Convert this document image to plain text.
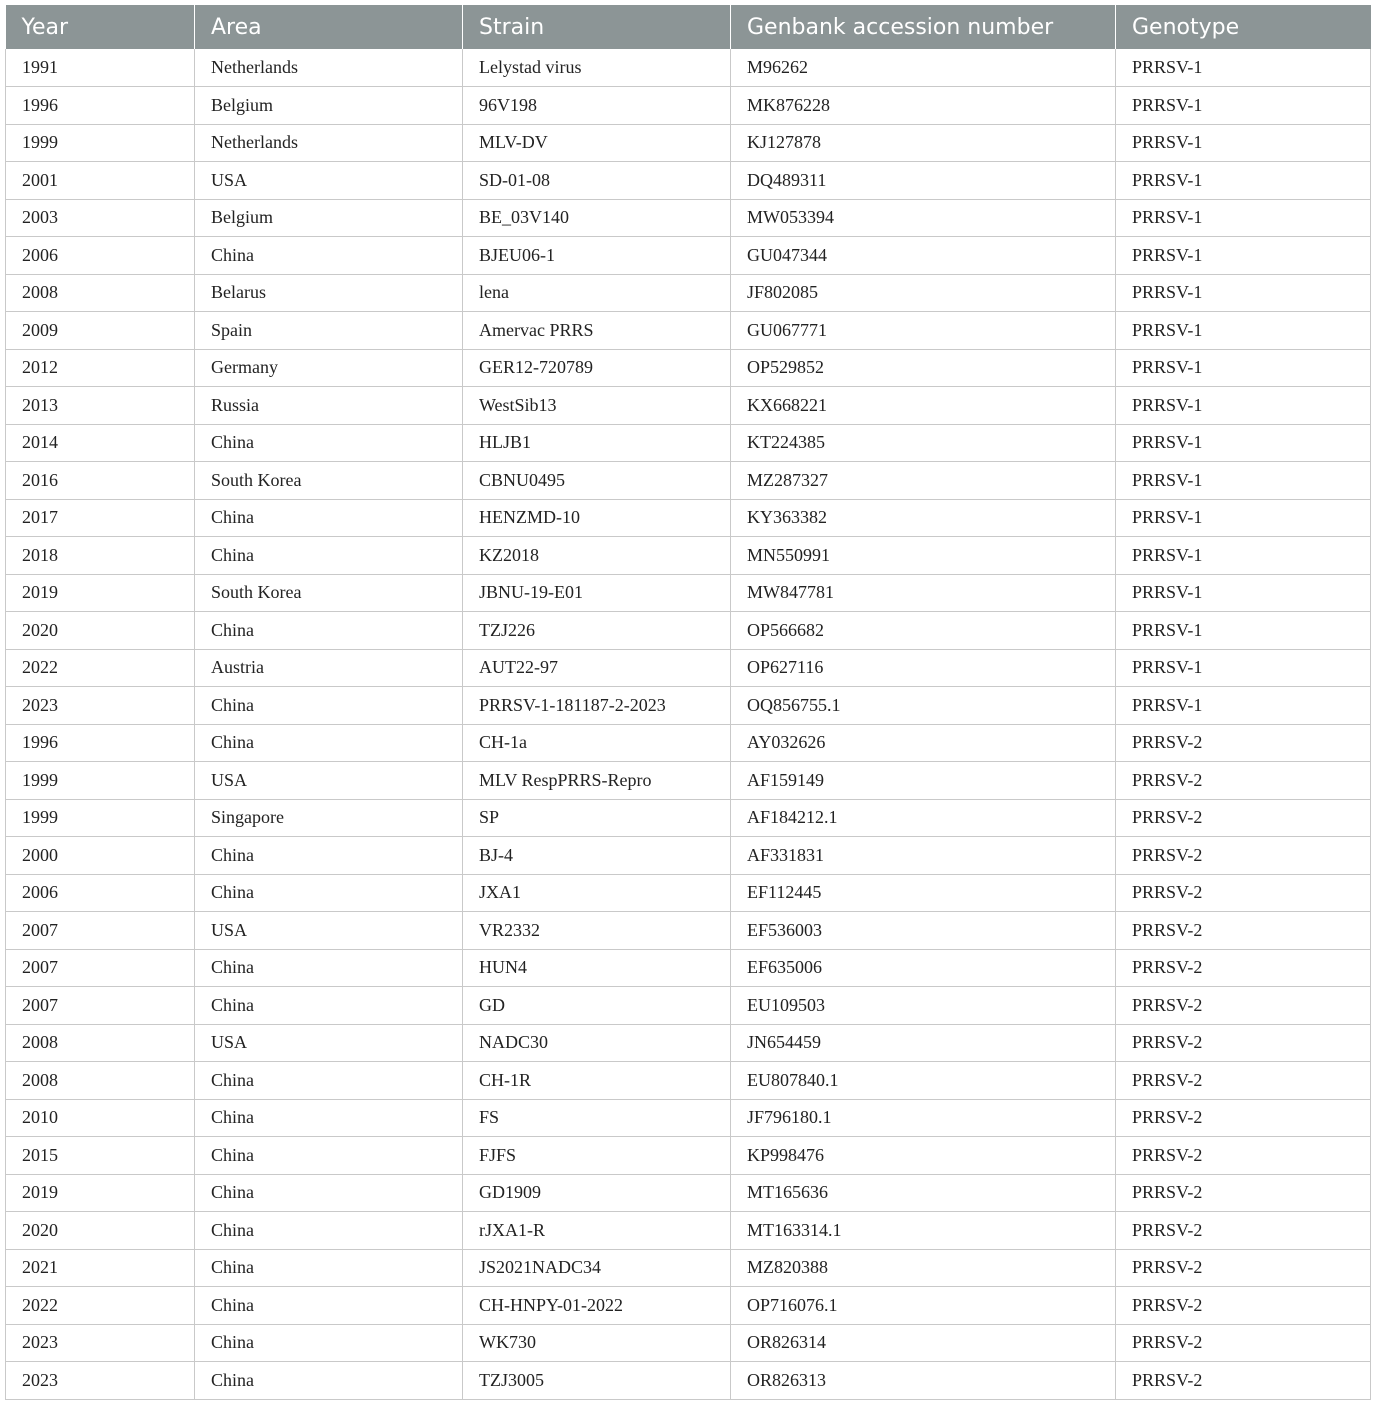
Year	Area	Strain	Genbank accession number	Genotype
1991	Netherlands	Lelystad virus	M96262	PRRSV-1
1996	Belgium	96V198	MK876228	PRRSV-1
1999	Netherlands	MLV-DV	KJ127878	PRRSV-1
2001	USA	SD-01-08	DQ489311	PRRSV-1
2003	Belgium	BE_03V140	MW053394	PRRSV-1
2006	China	BJEU06-1	GU047344	PRRSV-1
2008	Belarus	lena	JF802085	PRRSV-1
2009	Spain	Amervac PRRS	GU067771	PRRSV-1
2012	Germany	GER12-720789	OP529852	PRRSV-1
2013	Russia	WestSib13	KX668221	PRRSV-1
2014	China	HLJB1	KT224385	PRRSV-1
2016	South Korea	CBNU0495	MZ287327	PRRSV-1
2017	China	HENZMD-10	KY363382	PRRSV-1
2018	China	KZ2018	MN550991	PRRSV-1
2019	South Korea	JBNU-19-E01	MW847781	PRRSV-1
2020	China	TZJ226	OP566682	PRRSV-1
2022	Austria	AUT22-97	OP627116	PRRSV-1
2023	China	PRRSV-1-181187-2-2023	OQ856755.1	PRRSV-1
1996	China	CH-1a	AY032626	PRRSV-2
1999	USA	MLV RespPRRS-Repro	AF159149	PRRSV-2
1999	Singapore	SP	AF184212.1	PRRSV-2
2000	China	BJ-4	AF331831	PRRSV-2
2006	China	JXA1	EF112445	PRRSV-2
2007	USA	VR2332	EF536003	PRRSV-2
2007	China	HUN4	EF635006	PRRSV-2
2007	China	GD	EU109503	PRRSV-2
2008	USA	NADC30	JN654459	PRRSV-2
2008	China	CH-1R	EU807840.1	PRRSV-2
2010	China	FS	JF796180.1	PRRSV-2
2015	China	FJFS	KP998476	PRRSV-2
2019	China	GD1909	MT165636	PRRSV-2
2020	China	rJXA1-R	MT163314.1	PRRSV-2
2021	China	JS2021NADC34	MZ820388	PRRSV-2
2022	China	CH-HNPY-01-2022	OP716076.1	PRRSV-2
2023	China	WK730	OR826314	PRRSV-2
2023	China	TZJ3005	OR826313	PRRSV-2
